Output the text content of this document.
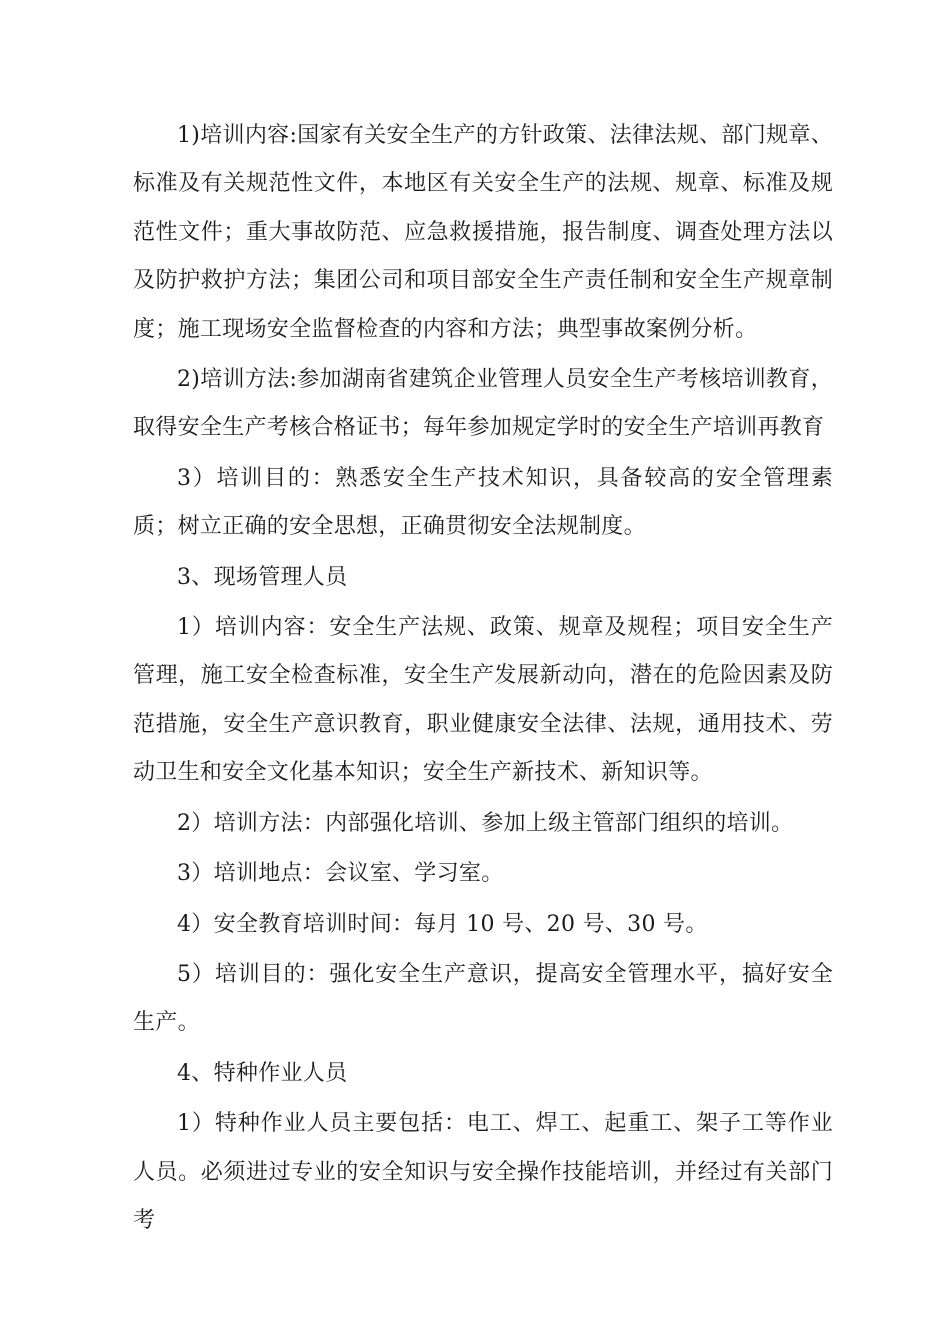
1)培训内容:国家有关安全生产的方针政策、法律法规、部门规章、标准及有关规范性文件，本地区有关安全生产的法规、规章、标准及规范性文件；重大事故防范、应急救援措施，报告制度、调查处理方法以及防护救护方法；集团公司和项目部安全生产责任制和安全生产规章制度；施工现场安全监督检查的内容和方法；典型事故案例分析。

2)培训方法:参加湖南省建筑企业管理人员安全生产考核培训教育，取得安全生产考核合格证书；每年参加规定学时的安全生产培训再教育

3）培训目的：熟悉安全生产技术知识，具备较高的安全管理素质；树立正确的安全思想，正确贯彻安全法规制度。

3、现场管理人员

1）培训内容：安全生产法规、政策、规章及规程；项目安全生产管理，施工安全检查标准，安全生产发展新动向，潜在的危险因素及防范措施，安全生产意识教育，职业健康安全法律、法规，通用技术、劳动卫生和安全文化基本知识；安全生产新技术、新知识等。

2）培训方法：内部强化培训、参加上级主管部门组织的培训。

3）培训地点：会议室、学习室。

4）安全教育培训时间：每月 10 号、20 号、30 号。

5）培训目的：强化安全生产意识，提高安全管理水平，搞好安全生产。

4、特种作业人员

1）特种作业人员主要包括：电工、焊工、起重工、架子工等作业人员。必须进过专业的安全知识与安全操作技能培训，并经过有关部门考
